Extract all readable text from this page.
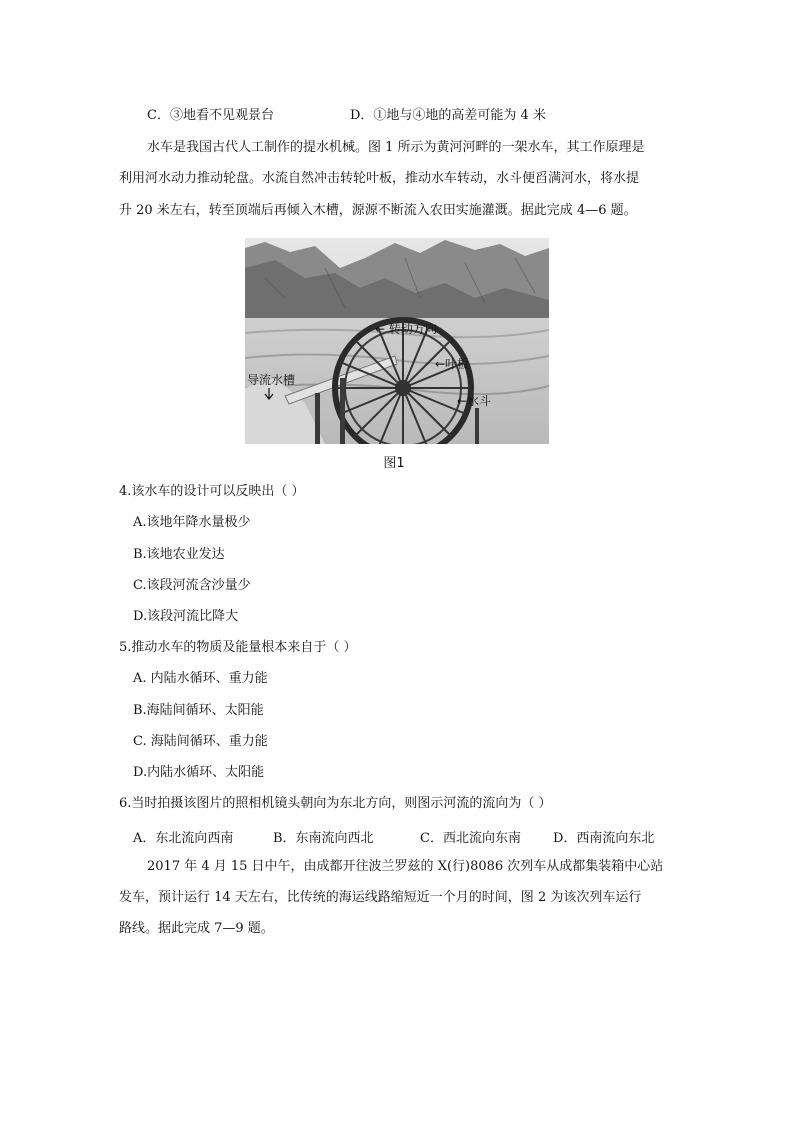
C．③地看不见观景台	D．①地与④地的高差可能为 4 米
水车是我国古代人工制作的提水机械。图 1 所示为黄河河畔的一架水车，其工作原理是
利用河水动力推动轮盘。水流自然冲击转轮叶板，推动水车转动，水斗便舀满河水，将水提
升 20 米左右，转至顶端后再倾入木槽，源源不断流入农田实施灌溉。据此完成 4—6 题。
← 转动方向
←叶板
导流水槽
←水斗
图1
4.该水车的设计可以反映出（ ）
A.该地年降水量极少
B.该地农业发达
C.该段河流含沙量少
D.该段河流比降大
5.推动水车的物质及能量根本来自于（ ）
A. 内陆水循环、重力能
B.海陆间循环、太阳能
C. 海陆间循环、重力能
D.内陆水循环、太阳能
6.当时拍摄该图片的照相机镜头朝向为东北方向，则图示河流的流向为（ ）
A．东北流向西南	B．东南流向西北	C．西北流向东南 D．西南流向东北
2017 年 4 月 15 日中午，由成都开往波兰罗兹的 X(行)8086 次列车从成都集装箱中心站
发车，预计运行 14 天左右，比传统的海运线路缩短近一个月的时间，图 2 为该次列车运行
路线。据此完成 7—9 题。
